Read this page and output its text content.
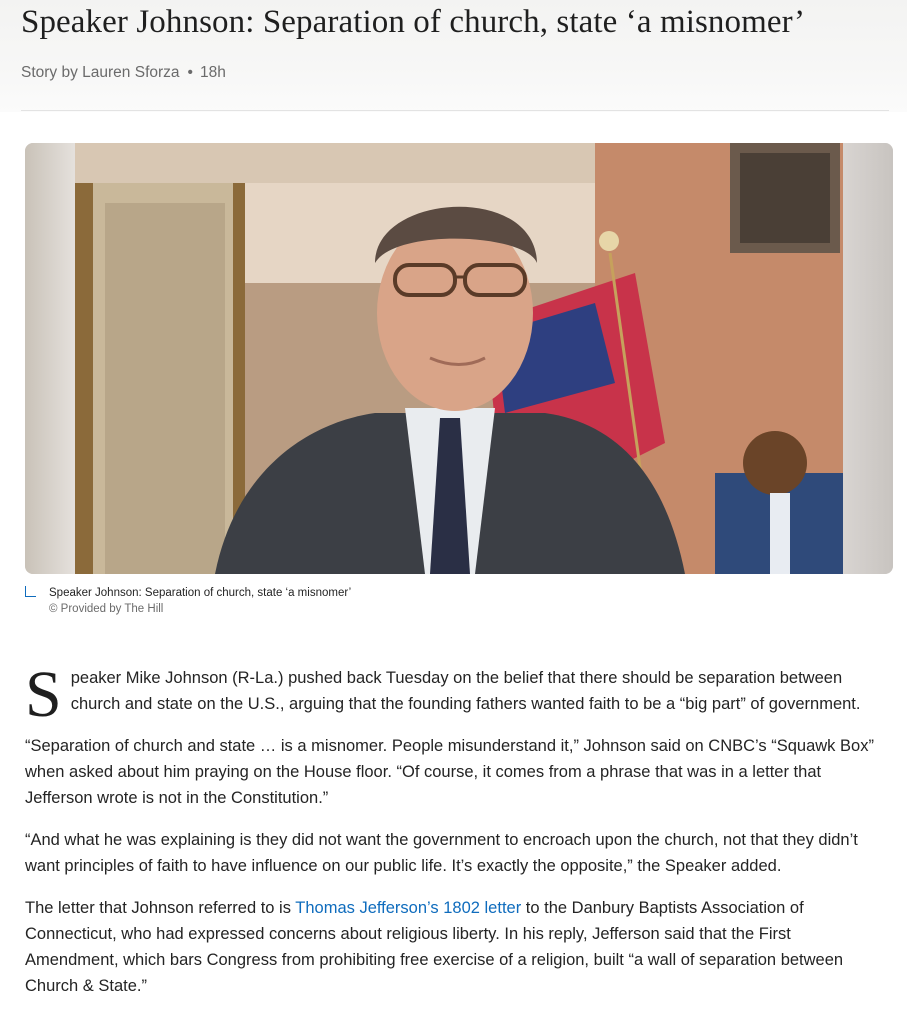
Speaker Johnson: Separation of church, state ‘a misnomer’
Story by Lauren Sforza • 18h
Speaker Johnson: Separation of church, state ‘a misnomer’
© Provided by The Hill

Speaker Mike Johnson (R-La.) pushed back Tuesday on the belief that there should be separation between church and state on the U.S., arguing that the founding fathers wanted faith to be a “big part” of government.

“Separation of church and state … is a misnomer. People misunderstand it,” Johnson said on CNBC’s “Squawk Box” when asked about him praying on the House floor. “Of course, it comes from a phrase that was in a letter that Jefferson wrote is not in the Constitution.”

“And what he was explaining is they did not want the government to encroach upon the church, not that they didn’t want principles of faith to have influence on our public life. It’s exactly the opposite,” the Speaker added.

The letter that Johnson referred to is Thomas Jefferson’s 1802 letter to the Danbury Baptists Association of Connecticut, who had expressed concerns about religious liberty. In his reply, Jefferson said that the First Amendment, which bars Congress from prohibiting free exercise of a religion, built “a wall of separation between Church & State.”
